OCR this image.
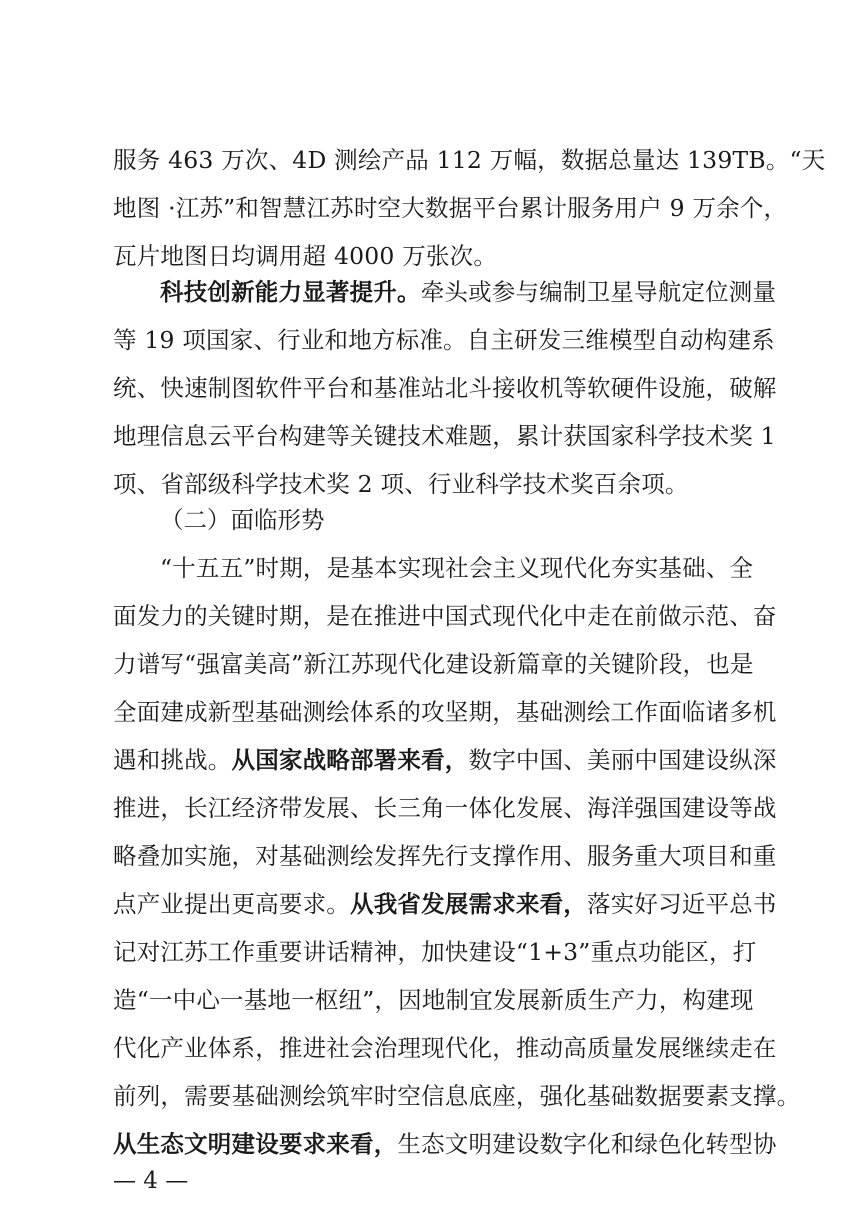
服务 463 万次、4D 测绘产品 112 万幅，数据总量达 139TB。“天
地图 ·江苏”和智慧江苏时空大数据平台累计服务用户 9 万余个，
瓦片地图日均调用超 4000 万张次。
科技创新能力显著提升。牵头或参与编制卫星导航定位测量
等 19 项国家、行业和地方标准。自主研发三维模型自动构建系
统、快速制图软件平台和基准站北斗接收机等软硬件设施，破解
地理信息云平台构建等关键技术难题，累计获国家科学技术奖 1
项、省部级科学技术奖 2 项、行业科学技术奖百余项。
（二）面临形势
“十五五”时期，是基本实现社会主义现代化夯实基础、全
面发力的关键时期，是在推进中国式现代化中走在前做示范、奋
力谱写“强富美高”新江苏现代化建设新篇章的关键阶段，也是
全面建成新型基础测绘体系的攻坚期，基础测绘工作面临诸多机
遇和挑战。从国家战略部署来看，数字中国、美丽中国建设纵深
推进，长江经济带发展、长三角一体化发展、海洋强国建设等战
略叠加实施，对基础测绘发挥先行支撑作用、服务重大项目和重
点产业提出更高要求。从我省发展需求来看，落实好习近平总书
记对江苏工作重要讲话精神，加快建设“1+3”重点功能区，打
造“一中心一基地一枢纽”，因地制宜发展新质生产力，构建现
代化产业体系，推进社会治理现代化，推动高质量发展继续走在
前列，需要基础测绘筑牢时空信息底座，强化基础数据要素支撑。
从生态文明建设要求来看，生态文明建设数字化和绿色化转型协
— 4 —
